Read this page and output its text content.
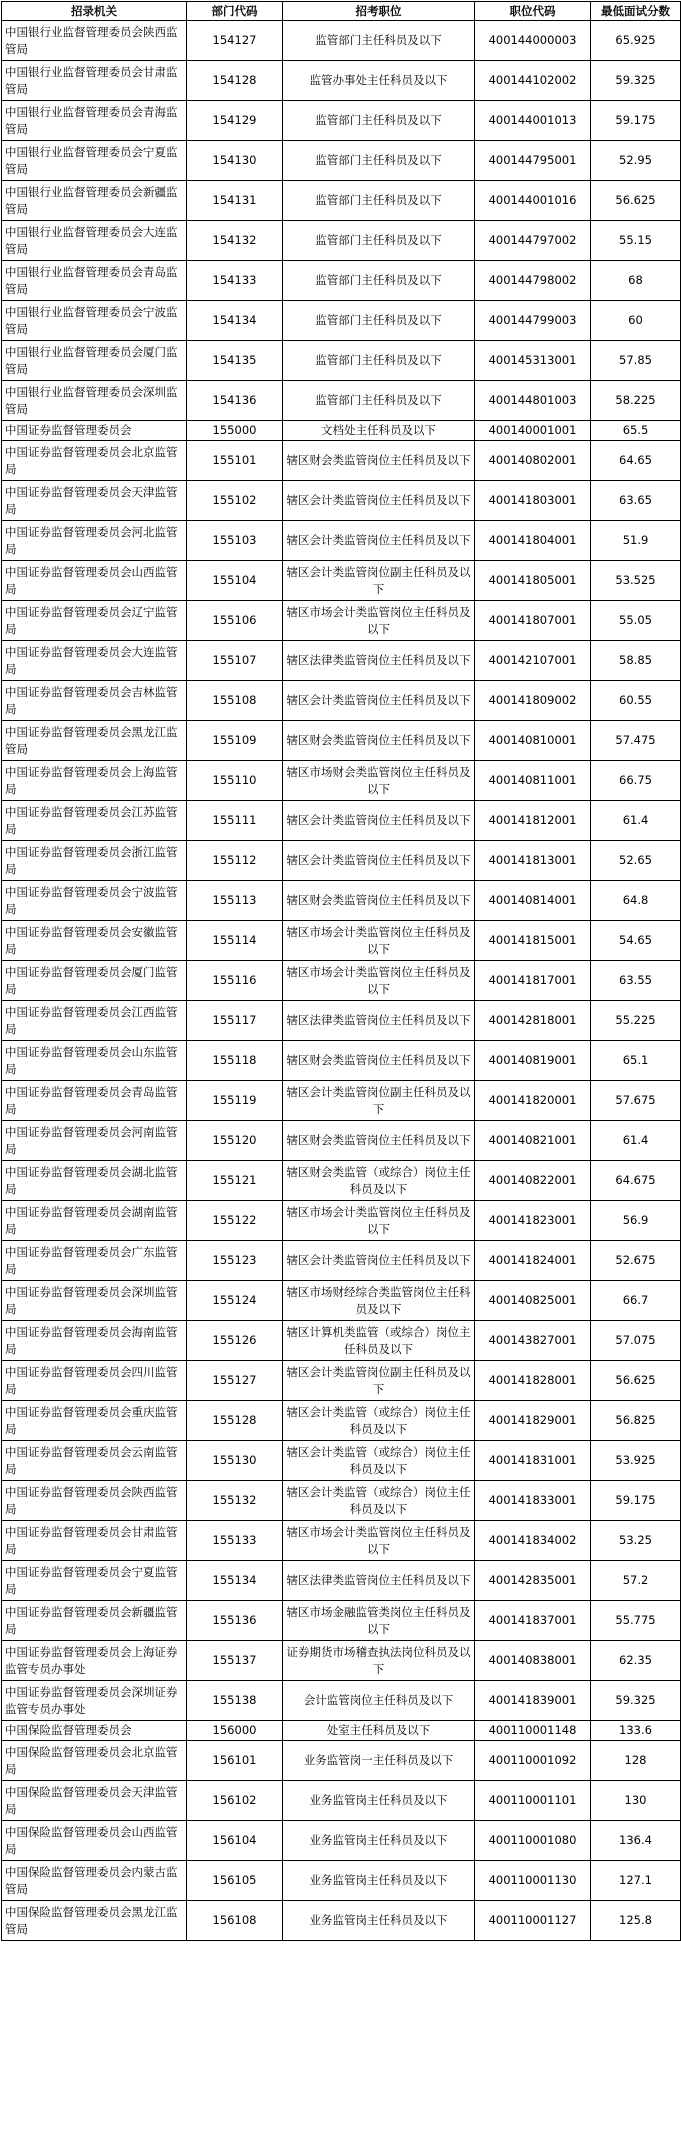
招录机关	部门代码	招考职位	职位代码	最低面试分数
中国银行业监督管理委员会陕西监管局	154127	监管部门主任科员及以下	400144000003	65.925
中国银行业监督管理委员会甘肃监管局	154128	监管办事处主任科员及以下	400144102002	59.325
中国银行业监督管理委员会青海监管局	154129	监管部门主任科员及以下	400144001013	59.175
中国银行业监督管理委员会宁夏监管局	154130	监管部门主任科员及以下	400144795001	52.95
中国银行业监督管理委员会新疆监管局	154131	监管部门主任科员及以下	400144001016	56.625
中国银行业监督管理委员会大连监管局	154132	监管部门主任科员及以下	400144797002	55.15
中国银行业监督管理委员会青岛监管局	154133	监管部门主任科员及以下	400144798002	68
中国银行业监督管理委员会宁波监管局	154134	监管部门主任科员及以下	400144799003	60
中国银行业监督管理委员会厦门监管局	154135	监管部门主任科员及以下	400145313001	57.85
中国银行业监督管理委员会深圳监管局	154136	监管部门主任科员及以下	400144801003	58.225
中国证券监督管理委员会	155000	文档处主任科员及以下	400140001001	65.5
中国证券监督管理委员会北京监管局	155101	辖区财会类监管岗位主任科员及以下	400140802001	64.65
中国证券监督管理委员会天津监管局	155102	辖区会计类监管岗位主任科员及以下	400141803001	63.65
中国证券监督管理委员会河北监管局	155103	辖区会计类监管岗位主任科员及以下	400141804001	51.9
中国证券监督管理委员会山西监管局	155104	辖区会计类监管岗位副主任科员及以下	400141805001	53.525
中国证券监督管理委员会辽宁监管局	155106	辖区市场会计类监管岗位主任科员及以下	400141807001	55.05
中国证券监督管理委员会大连监管局	155107	辖区法律类监管岗位主任科员及以下	400142107001	58.85
中国证券监督管理委员会吉林监管局	155108	辖区会计类监管岗位主任科员及以下	400141809002	60.55
中国证券监督管理委员会黑龙江监管局	155109	辖区财会类监管岗位主任科员及以下	400140810001	57.475
中国证券监督管理委员会上海监管局	155110	辖区市场财会类监管岗位主任科员及以下	400140811001	66.75
中国证券监督管理委员会江苏监管局	155111	辖区会计类监管岗位主任科员及以下	400141812001	61.4
中国证券监督管理委员会浙江监管局	155112	辖区会计类监管岗位主任科员及以下	400141813001	52.65
中国证券监督管理委员会宁波监管局	155113	辖区财会类监管岗位主任科员及以下	400140814001	64.8
中国证券监督管理委员会安徽监管局	155114	辖区市场会计类监管岗位主任科员及以下	400141815001	54.65
中国证券监督管理委员会厦门监管局	155116	辖区市场会计类监管岗位主任科员及以下	400141817001	63.55
中国证券监督管理委员会江西监管局	155117	辖区法律类监管岗位主任科员及以下	400142818001	55.225
中国证券监督管理委员会山东监管局	155118	辖区财会类监管岗位主任科员及以下	400140819001	65.1
中国证券监督管理委员会青岛监管局	155119	辖区会计类监管岗位副主任科员及以下	400141820001	57.675
中国证券监督管理委员会河南监管局	155120	辖区财会类监管岗位主任科员及以下	400140821001	61.4
中国证券监督管理委员会湖北监管局	155121	辖区财会类监管（或综合）岗位主任科员及以下	400140822001	64.675
中国证券监督管理委员会湖南监管局	155122	辖区市场会计类监管岗位主任科员及以下	400141823001	56.9
中国证券监督管理委员会广东监管局	155123	辖区会计类监管岗位主任科员及以下	400141824001	52.675
中国证券监督管理委员会深圳监管局	155124	辖区市场财经综合类监管岗位主任科员及以下	400140825001	66.7
中国证券监督管理委员会海南监管局	155126	辖区计算机类监管（或综合）岗位主任科员及以下	400143827001	57.075
中国证券监督管理委员会四川监管局	155127	辖区会计类监管岗位副主任科员及以下	400141828001	56.625
中国证券监督管理委员会重庆监管局	155128	辖区会计类监管（或综合）岗位主任科员及以下	400141829001	56.825
中国证券监督管理委员会云南监管局	155130	辖区会计类监管（或综合）岗位主任科员及以下	400141831001	53.925
中国证券监督管理委员会陕西监管局	155132	辖区会计类监管（或综合）岗位主任科员及以下	400141833001	59.175
中国证券监督管理委员会甘肃监管局	155133	辖区市场会计类监管岗位主任科员及以下	400141834002	53.25
中国证券监督管理委员会宁夏监管局	155134	辖区法律类监管岗位主任科员及以下	400142835001	57.2
中国证券监督管理委员会新疆监管局	155136	辖区市场金融监管类岗位主任科员及以下	400141837001	55.775
中国证券监督管理委员会上海证券监管专员办事处	155137	证券期货市场稽查执法岗位科员及以下	400140838001	62.35
中国证券监督管理委员会深圳证券监管专员办事处	155138	会计监管岗位主任科员及以下	400141839001	59.325
中国保险监督管理委员会	156000	处室主任科员及以下	400110001148	133.6
中国保险监督管理委员会北京监管局	156101	业务监管岗一主任科员及以下	400110001092	128
中国保险监督管理委员会天津监管局	156102	业务监管岗主任科员及以下	400110001101	130
中国保险监督管理委员会山西监管局	156104	业务监管岗主任科员及以下	400110001080	136.4
中国保险监督管理委员会内蒙古监管局	156105	业务监管岗主任科员及以下	400110001130	127.1
中国保险监督管理委员会黑龙江监管局	156108	业务监管岗主任科员及以下	400110001127	125.8
